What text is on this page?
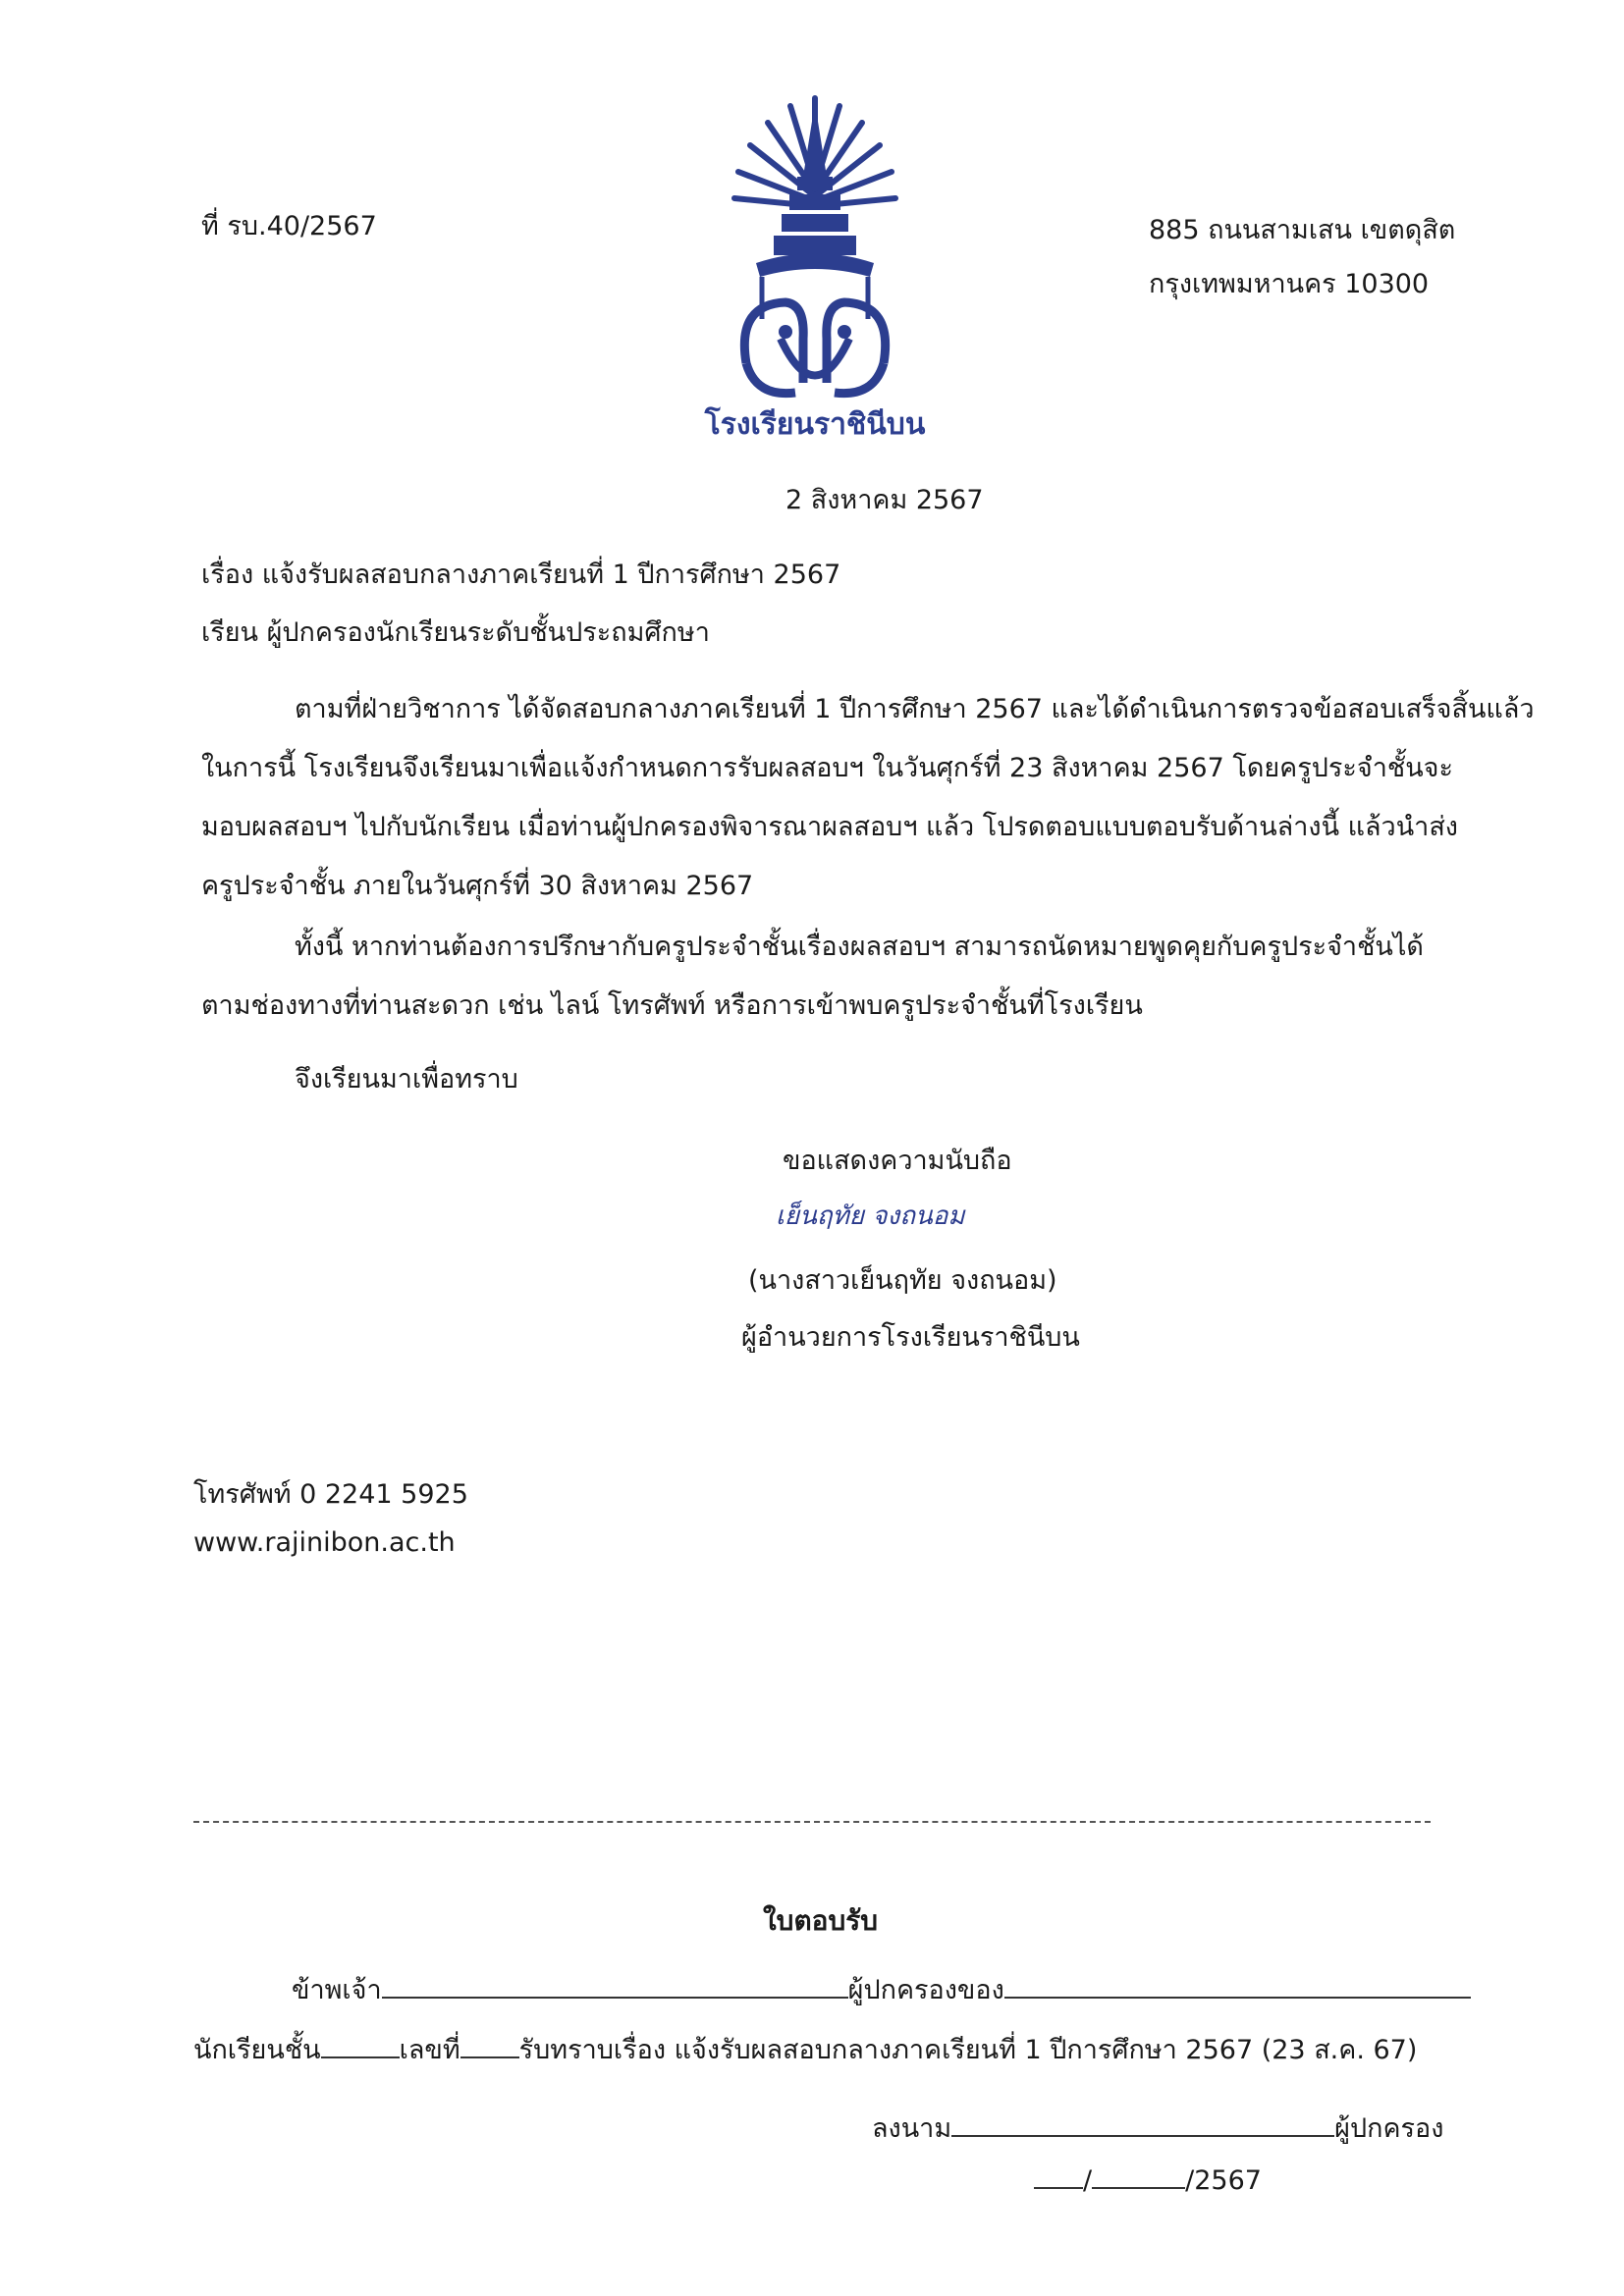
ที่ รบ.40/2567	885 ถนนสามเสน เขตดุสิต
กรุงเทพมหานคร 10300
โรงเรียนราชินีบน
2 สิงหาคม 2567
เรื่อง แจ้งรับผลสอบกลางภาคเรียนที่ 1 ปีการศึกษา 2567
เรียน ผู้ปกครองนักเรียนระดับชั้นประถมศึกษา
ตามที่ฝ่ายวิชาการ ได้จัดสอบกลางภาคเรียนที่ 1 ปีการศึกษา 2567 และได้ดำเนินการตรวจข้อสอบเสร็จสิ้นแล้ว
ในการนี้ โรงเรียนจึงเรียนมาเพื่อแจ้งกำหนดการรับผลสอบฯ ในวันศุกร์ที่ 23 สิงหาคม 2567 โดยครูประจำชั้นจะ
มอบผลสอบฯ ไปกับนักเรียน เมื่อท่านผู้ปกครองพิจารณาผลสอบฯ แล้ว โปรดตอบแบบตอบรับด้านล่างนี้ แล้วนำส่ง
ครูประจำชั้น ภายในวันศุกร์ที่ 30 สิงหาคม 2567
ทั้งนี้ หากท่านต้องการปรึกษากับครูประจำชั้นเรื่องผลสอบฯ สามารถนัดหมายพูดคุยกับครูประจำชั้นได้
ตามช่องทางที่ท่านสะดวก เช่น ไลน์ โทรศัพท์ หรือการเข้าพบครูประจำชั้นที่โรงเรียน
จึงเรียนมาเพื่อทราบ
ขอแสดงความนับถือ
เย็นฤทัย จงถนอม
(นางสาวเย็นฤทัย จงถนอม)
ผู้อำนวยการโรงเรียนราชินีบน
โทรศัพท์ 0 2241 5925
www.rajinibon.ac.th
ใบตอบรับ
ข้าพเจ้า	ผู้ปกครองของ
นักเรียนชั้น	เลขที่ รับทราบเรื่อง แจ้งรับผลสอบกลางภาคเรียนที่ 1 ปีการศึกษา 2567 (23 ส.ค. 67)
ลงนาม	ผู้ปกครอง
/	/2567
